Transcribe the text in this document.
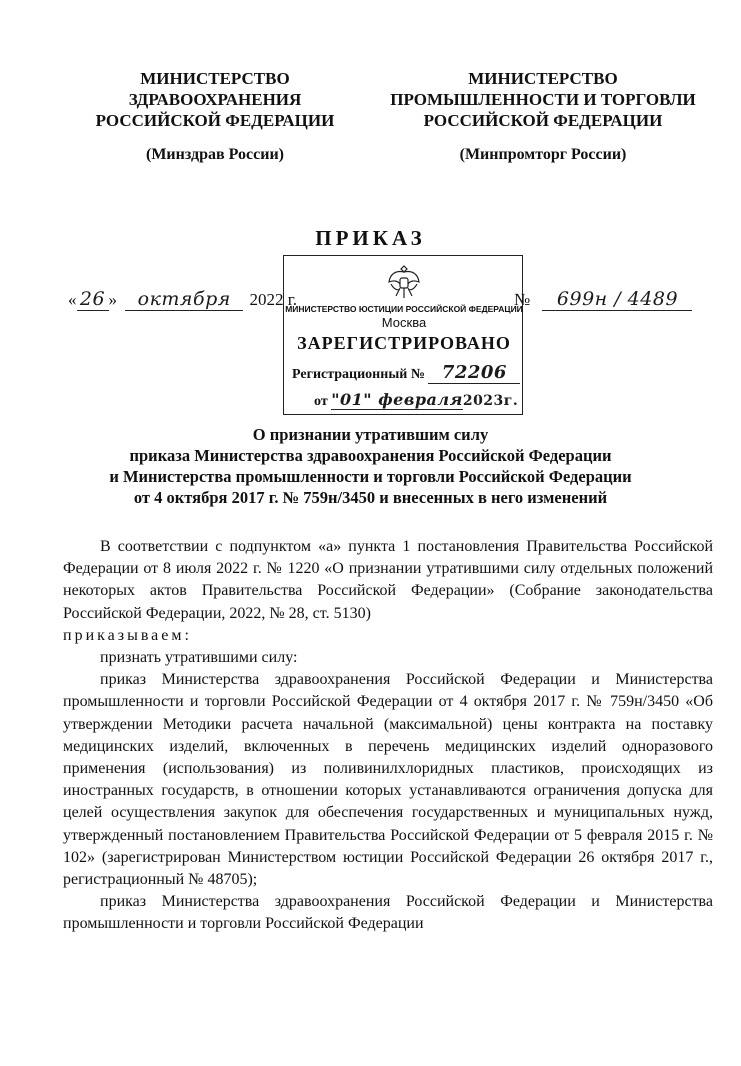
МИНИСТЕРСТВО
ЗДРАВООХРАНЕНИЯ
РОССИЙСКОЙ ФЕДЕРАЦИИ
(Минздрав России)
МИНИСТЕРСТВО
ПРОМЫШЛЕННОСТИ И ТОРГОВЛИ
РОССИЙСКОЙ ФЕДЕРАЦИИ
(Минпромторг России)
ПРИКАЗ
МИНИСТЕРСТВО ЮСТИЦИИ РОССИЙСКОЙ ФЕДЕРАЦИИ
Москва
ЗАРЕГИСТРИРОВАНО
Регистрационный № 72206
от "01" февраля2023г.
« 26 » октября 2022 г.	№ 699н / 4489
О признании утратившим силу
приказа Министерства здравоохранения Российской Федерации
и Министерства промышленности и торговли Российской Федерации
от 4 октября 2017 г. № 759н/3450 и внесенных в него изменений

В соответствии с подпунктом «а» пункта 1 постановления Правительства Российской Федерации от 8 июля 2022 г. № 1220 «О признании утратившими силу отдельных положений некоторых актов Правительства Российской Федерации» (Собрание законодательства Российской Федерации, 2022, № 28, ст. 5130)

приказываем:

признать утратившими силу:

приказ Министерства здравоохранения Российской Федерации и Министерства промышленности и торговли Российской Федерации от 4 октября 2017 г. № 759н/3450 «Об утверждении Методики расчета начальной (максимальной) цены контракта на поставку медицинских изделий, включенных в перечень медицинских изделий одноразового применения (использования) из поливинилхлоридных пластиков, происходящих из иностранных государств, в отношении которых устанавливаются ограничения допуска для целей осуществления закупок для обеспечения государственных и муниципальных нужд, утвержденный постановлением Правительства Российской Федерации от 5 февраля 2015 г. № 102» (зарегистрирован Министерством юстиции Российской Федерации 26 октября 2017 г., регистрационный № 48705);

приказ Министерства здравоохранения Российской Федерации и Министерства промышленности и торговли Российской Федерации
